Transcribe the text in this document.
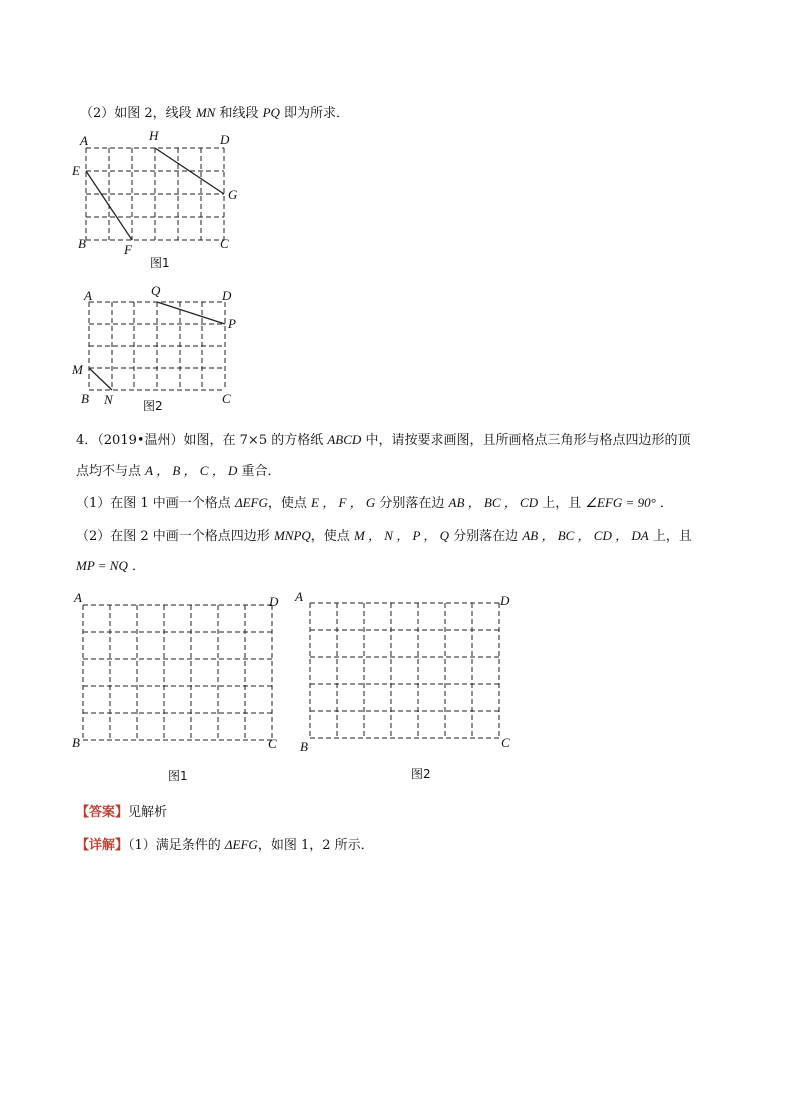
（2）如图 2，线段 MN 和线段 PQ 即为所求．
A	H	D
E
G
B	F	C
图1
A	Q	D
P
M
B N	C
图2
A	D
B	C
图1
A	D
B	C
图2
4．（2019•温州）如图，在 7×5 的方格纸 ABCD 中，请按要求画图，且所画格点三角形与格点四边形的顶
点均不与点 A ， B ， C ， D 重合．
（1）在图 1 中画一个格点 ΔEFG，使点 E ， F ， G 分别落在边 AB ， BC ， CD 上，且 ∠EFG = 90° ．
（2）在图 2 中画一个格点四边形 MNPQ，使点 M ， N ， P ， Q 分别落在边 AB ， BC ， CD ， DA 上，且
MP = NQ ．
【答案】见解析
【详解】（1）满足条件的 ΔEFG，如图 1，2 所示．
